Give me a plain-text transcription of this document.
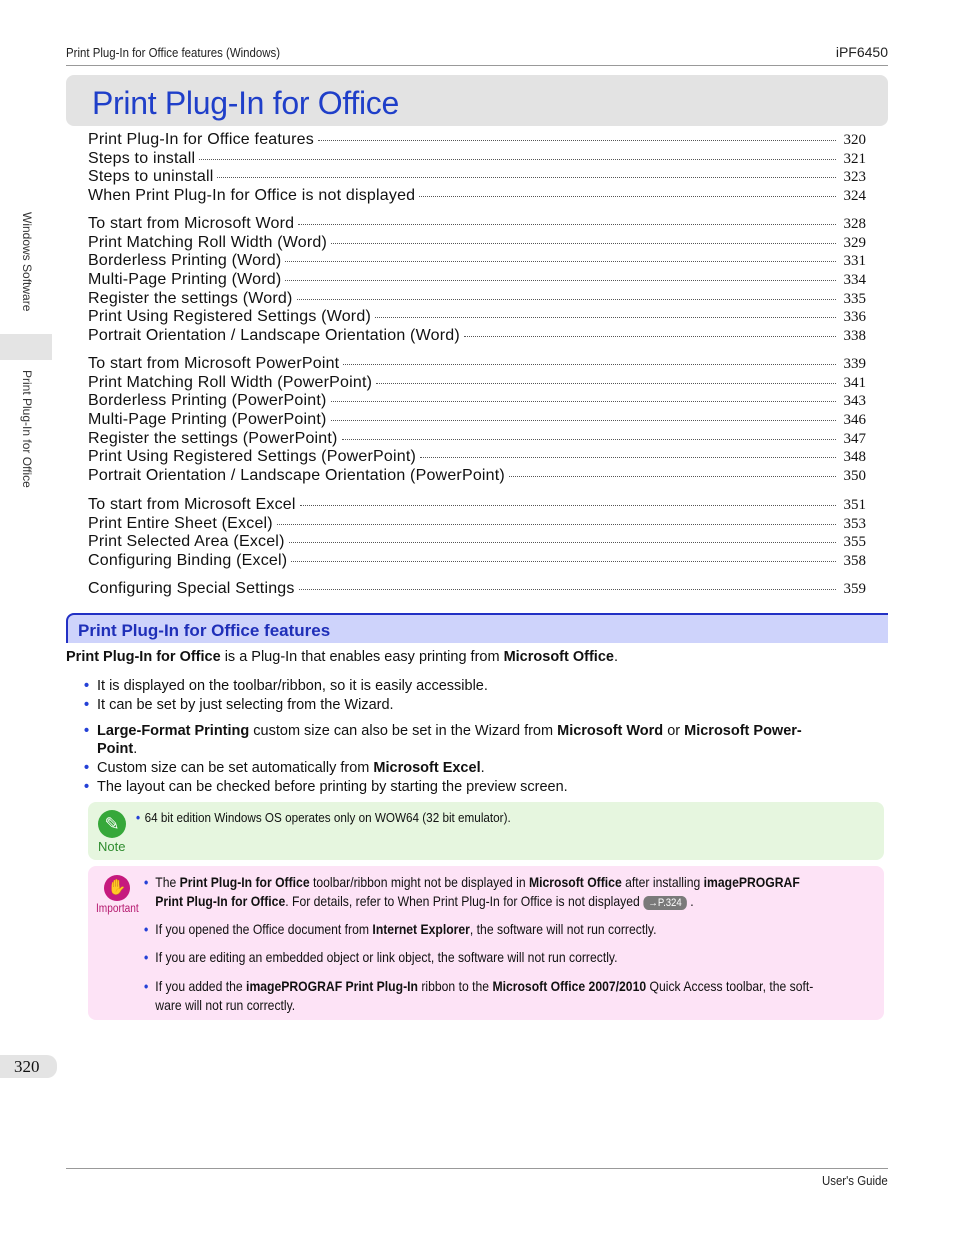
Print Plug-In for Office features (Windows)	iPF6450
Windows Software
Print Plug-In for Office
Print Plug-In for Office
Print Plug-In for Office features	320
Steps to install	321
Steps to uninstall	323
When Print Plug-In for Office is not displayed	324
To start from Microsoft Word	328
Print Matching Roll Width (Word)	329
Borderless Printing (Word)	331
Multi-Page Printing (Word)	334
Register the settings (Word)	335
Print Using Registered Settings (Word)	336
Portrait Orientation / Landscape Orientation (Word)	338
To start from Microsoft PowerPoint	339
Print Matching Roll Width (PowerPoint)	341
Borderless Printing (PowerPoint)	343
Multi-Page Printing (PowerPoint)	346
Register the settings (PowerPoint)	347
Print Using Registered Settings (PowerPoint)	348
Portrait Orientation / Landscape Orientation (PowerPoint)	350
To start from Microsoft Excel	351
Print Entire Sheet (Excel)	353
Print Selected Area (Excel)	355
Configuring Binding (Excel)	358
Configuring Special Settings	359
Print Plug-In for Office features
Print Plug-In for Office is a Plug-In that enables easy printing from Microsoft Office.
• It is displayed on the toolbar/ribbon, so it is easily accessible.
• It can be set by just selecting from the Wizard.
• Large-Format Printing custom size can also be set in the Wizard from Microsoft Word or Microsoft Power-
Point.
• Custom size can be set automatically from Microsoft Excel.
• The layout can be checked before printing by starting the preview screen.
✎
Note
• 64 bit edition Windows OS operates only on WOW64 (32 bit emulator).
✋
Important
• The Print Plug-In for Office toolbar/ribbon might not be displayed in Microsoft Office after installing imagePROGRAF
Print Plug-In for Office. For details, refer to When Print Plug-In for Office is not displayed →P.324 .
• If you opened the Office document from Internet Explorer, the software will not run correctly.
• If you are editing an embedded object or link object, the software will not run correctly.
• If you added the imagePROGRAF Print Plug-In ribbon to the Microsoft Office 2007/2010 Quick Access toolbar, the soft-
ware will not run correctly.
320
User's Guide
